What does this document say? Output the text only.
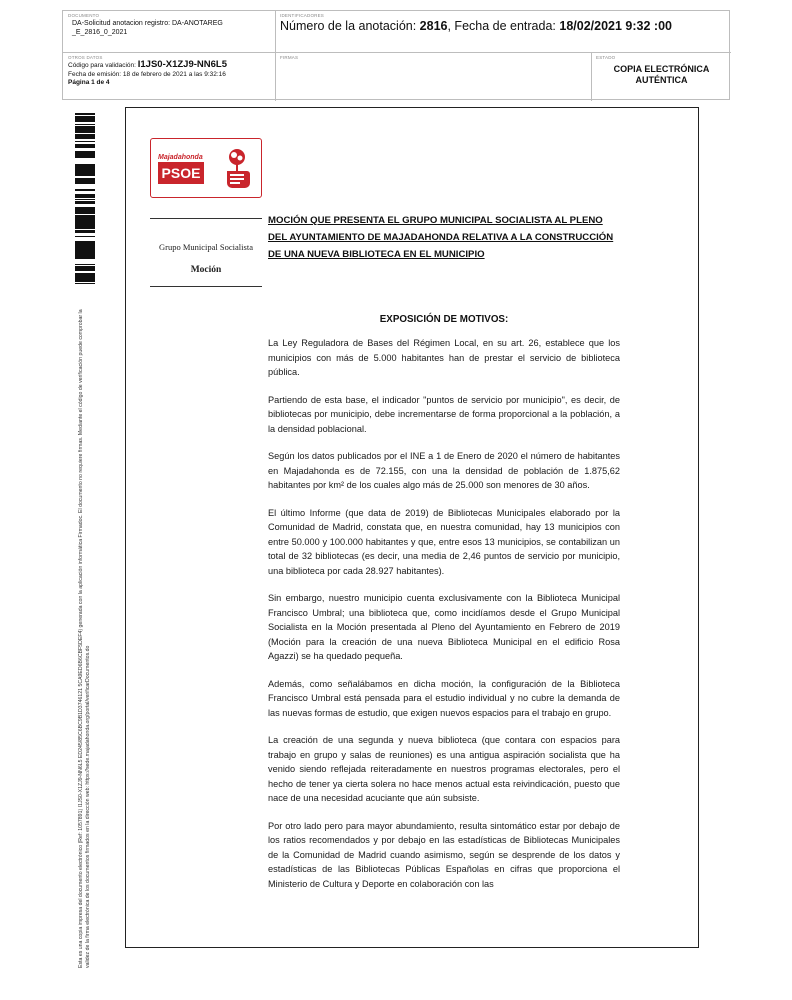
DOCUMENTO
DA-Solicitud anotacion registro: DA-ANOTAREG _E_2816_0_2021
IDENTIFICADORES
Número de la anotación: 2816, Fecha de entrada: 18/02/2021 9:32 :00
OTROS DATOS
Código para validación: I1JS0-X1ZJ9-NN6L5
Fecha de emisión: 18 de febrero de 2021 a las 9:32:16
Página 1 de 4
FIRMAS	ESTADO
COPIA ELECTRÓNICA AUTÉNTICA
Esta es una copia impresa del documento electrónico (Ref: 1057891) I1JS0-X1ZJ9-NN6L5 ED245/85C6BC9B1D3746121 5CA9ED6B6CBF5DEF4) generada con la aplicación informática Firmadoc. El documento no requiere firmas. Mediante el código de verificación puede comprobar la validez de la firma electrónica de los documentos firmados en la dirección web: https://sede.majadahonda.org/portal/verificarDocumentos.do
Majadahonda
PSOE
Grupo Municipal Socialista
Moción
MOCIÓN QUE PRESENTA EL GRUPO MUNICIPAL SOCIALISTA AL PLENO DEL AYUNTAMIENTO DE MAJADAHONDA RELATIVA A LA CONSTRUCCIÓN DE UNA NUEVA BIBLIOTECA EN EL MUNICIPIO
EXPOSICIÓN DE MOTIVOS:

La Ley Reguladora de Bases del Régimen Local, en su art. 26, establece que los municipios con más de 5.000 habitantes han de prestar el servicio de biblioteca pública.

Partiendo de esta base, el indicador "puntos de servicio por municipio", es decir, de bibliotecas por municipio, debe incrementarse de forma proporcional a la población, a la densidad poblacional.

Según los datos publicados por el INE a 1 de Enero de 2020 el número de habitantes en Majadahonda es de 72.155, con una la densidad de población de 1.875,62 habitantes por km² de los cuales algo más de 25.000 son menores de 30 años.

El último Informe (que data de 2019) de Bibliotecas Municipales elaborado por la Comunidad de Madrid, constata que, en nuestra comunidad, hay 13 municipios con entre 50.000 y 100.000 habitantes y que, entre esos 13 municipios, se contabilizan un total de 32 bibliotecas (es decir, una media de 2,46 puntos de servicio por municipio, una biblioteca por cada 28.927 habitantes).

Sin embargo, nuestro municipio cuenta exclusivamente con la Biblioteca Municipal Francisco Umbral; una biblioteca que, como incidíamos desde el Grupo Municipal Socialista en la Moción presentada al Pleno del Ayuntamiento en Febrero de 2019 (Moción para la creación de una nueva Biblioteca Municipal en el edificio Rosa Agazzi) se ha quedado pequeña.

Además, como señalábamos en dicha moción, la configuración de la Biblioteca Francisco Umbral está pensada para el estudio individual y no cubre la demanda de las nuevas formas de estudio, que exigen nuevos espacios para el trabajo en grupo.

La creación de una segunda y nueva biblioteca (que contara con espacios para trabajo en grupo y salas de reuniones) es una antigua aspiración socialista que ha venido siendo reflejada reiteradamente en nuestros programas electorales, pero el hecho de tener ya cierta solera no hace menos actual esta reivindicación, puesto que nace de una necesidad acuciante que aún subsiste.

Por otro lado pero para mayor abundamiento, resulta sintomático estar por debajo de los ratios recomendados y por debajo en las estadísticas de Bibliotecas Municipales de la Comunidad de Madrid cuando asimismo, según se desprende de los datos y estadísticas de las Bibliotecas Públicas Españolas en cifras que proporciona el Ministerio de Cultura y Deporte en colaboración con las
